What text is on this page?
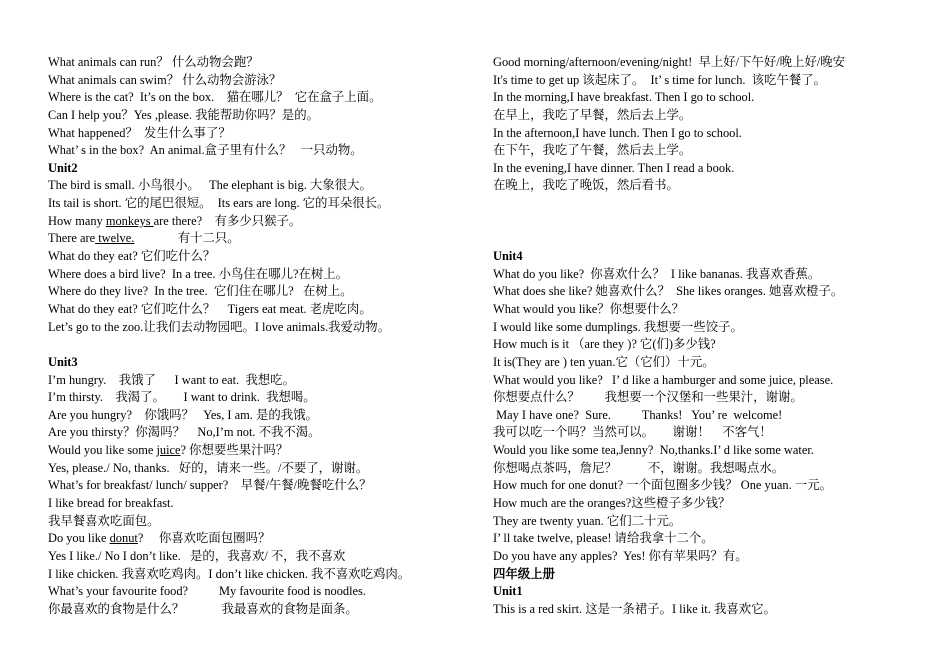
What animals can run？ 什么动物会跑？
What animals can swim？ 什么动物会游泳？
Where is the cat?  It’s on the box.    猫在哪儿？  它在盒子上面。
Can I help you？Yes ,please. 我能帮助你吗？是的。
What happened？  发生什么事了？
What’ s in the box?  An animal.盒子里有什么？   一只动物。
Unit2
The bird is small. 小鸟很小。   The elephant is big. 大象很大。
Its tail is short. 它的尾巴很短。  Its ears are long. 它的耳朵很长。
How many monkeys are there?    有多少只猴子。
There are twelve.              有十二只。
What do they eat? 它们吃什么？
Where does a bird live?  In a tree. 小鸟住在哪儿?在树上。
Where do they live?  In the tree.  它们住在哪儿?   在树上。
What do they eat? 它们吃什么？    Tigers eat meat. 老虎吃肉。
Let’s go to the zoo.让我们去动物园吧。I love animals.我爱动物。
Unit3
I’m hungry.    我饿了      I want to eat.  我想吃。
I’m thirsty.    我渴了。      I want to drink.  我想喝。
Are you hungry?    你饿吗？   Yes, I am. 是的我饿。
Are you thirsty？你渴吗？    No,I’m not. 不我不渴。
Would you like some juice? 你想要些果汁吗？
Yes, please./ No, thanks.   好的，请来一些。/不要了，谢谢。
What’s for breakfast/ lunch/ supper?    早餐/午餐/晚餐吃什么？
I like bread for breakfast.
我早餐喜欢吃面包。
Do you like donut?     你喜欢吃面包圈吗？
Yes I like./ No I don’t like.   是的，我喜欢/ 不，我不喜欢
I like chicken. 我喜欢吃鸡肉。I don’t like chicken. 我不喜欢吃鸡肉。
What’s your favourite food?          My favourite food is noodles.
你最喜欢的食物是什么？            我最喜欢的食物是面条。
Good morning/afternoon/evening/night!  早上好/下午好/晚上好/晚安
It's time to get up 该起床了。  It’ s time for lunch.  该吃午餐了。
In the morning,I have breakfast. Then I go to school.
在早上，我吃了早餐，然后去上学。
In the afternoon,I have lunch. Then I go to school.
在下午，我吃了午餐，然后去上学。
In the evening,I have dinner. Then I read a book.
在晚上，我吃了晚饭，然后看书。
Unit4
What do you like?  你喜欢什么？  I like bananas. 我喜欢香蕉。
What does she like? 她喜欢什么？  She likes oranges. 她喜欢橙子。
What would you like？你想要什么？
I would like some dumplings. 我想要一些饺子。
How much is it （are they )? 它(们)多少钱?
It is(They are ) ten yuan.它（它们）十元。
What would you like?   I’ d like a hamburger and some juice, please.
你想要点什么？        我想要一个汉堡和一些果汁，谢谢。
May I have one?  Sure.          Thanks!   You’ re  welcome!
我可以吃一个吗？当然可以。      谢谢！    不客气！
Would you like some tea,Jenny?  No,thanks.I’ d like some water.
你想喝点茶吗，詹尼？          不，谢谢。我想喝点水。
How much for one donut? 一个面包圈多少钱？ One yuan. 一元。
How much are the oranges?这些橙子多少钱？
They are twenty yuan. 它们二十元。
I’ ll take twelve, please! 请给我拿十二个。
Do you have any apples?  Yes! 你有苹果吗？有。
四年级上册
Unit1
This is a red skirt. 这是一条裙子。I like it. 我喜欢它。
